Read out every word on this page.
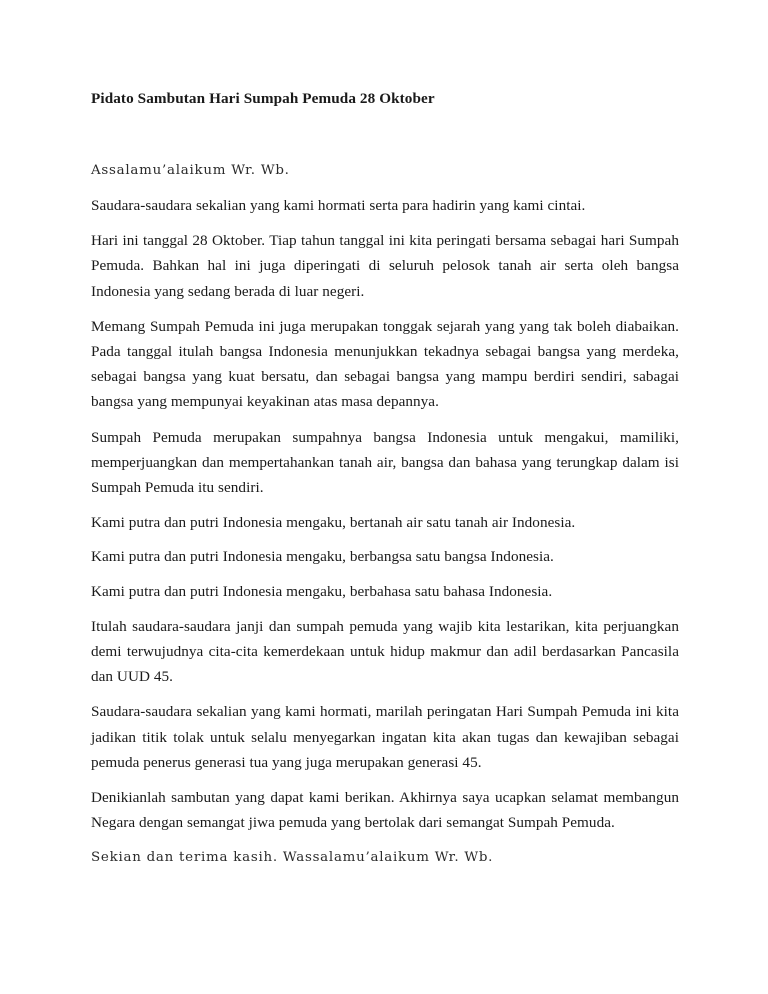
Pidato Sambutan Hari Sumpah Pemuda 28 Oktober

Assalamu’alaikum Wr. Wb.

Saudara-saudara sekalian yang kami hormati serta para hadirin yang kami cintai.

Hari ini tanggal 28 Oktober. Tiap tahun tanggal ini kita peringati bersama sebagai hari Sumpah Pemuda. Bahkan hal ini juga diperingati di seluruh pelosok tanah air serta oleh bangsa Indonesia yang sedang berada di luar negeri.

Memang Sumpah Pemuda ini juga merupakan tonggak sejarah yang yang tak boleh diabaikan. Pada tanggal itulah bangsa Indonesia menunjukkan tekadnya sebagai bangsa yang merdeka, sebagai bangsa yang kuat bersatu, dan sebagai bangsa yang mampu berdiri sendiri, sabagai bangsa yang mempunyai keyakinan atas masa depannya.

Sumpah Pemuda merupakan sumpahnya bangsa Indonesia untuk mengakui, mamiliki, memperjuangkan dan mempertahankan tanah air, bangsa dan bahasa yang terungkap dalam isi Sumpah Pemuda itu sendiri.

Kami putra dan putri Indonesia mengaku, bertanah air satu tanah air Indonesia.

Kami putra dan putri Indonesia mengaku, berbangsa satu bangsa Indonesia.

Kami putra dan putri Indonesia mengaku, berbahasa satu bahasa Indonesia.

Itulah saudara-saudara janji dan sumpah pemuda yang wajib kita lestarikan, kita perjuangkan demi terwujudnya cita-cita kemerdekaan untuk hidup makmur dan adil berdasarkan Pancasila dan UUD 45.

Saudara-saudara sekalian yang kami hormati, marilah peringatan Hari Sumpah Pemuda ini kita jadikan titik tolak untuk selalu menyegarkan ingatan kita akan tugas dan kewajiban sebagai pemuda penerus generasi tua yang juga merupakan generasi 45.

Denikianlah sambutan yang dapat kami berikan. Akhirnya saya ucapkan selamat membangun Negara dengan semangat jiwa pemuda yang bertolak dari semangat Sumpah Pemuda.

Sekian dan terima kasih. Wassalamu’alaikum Wr. Wb.
